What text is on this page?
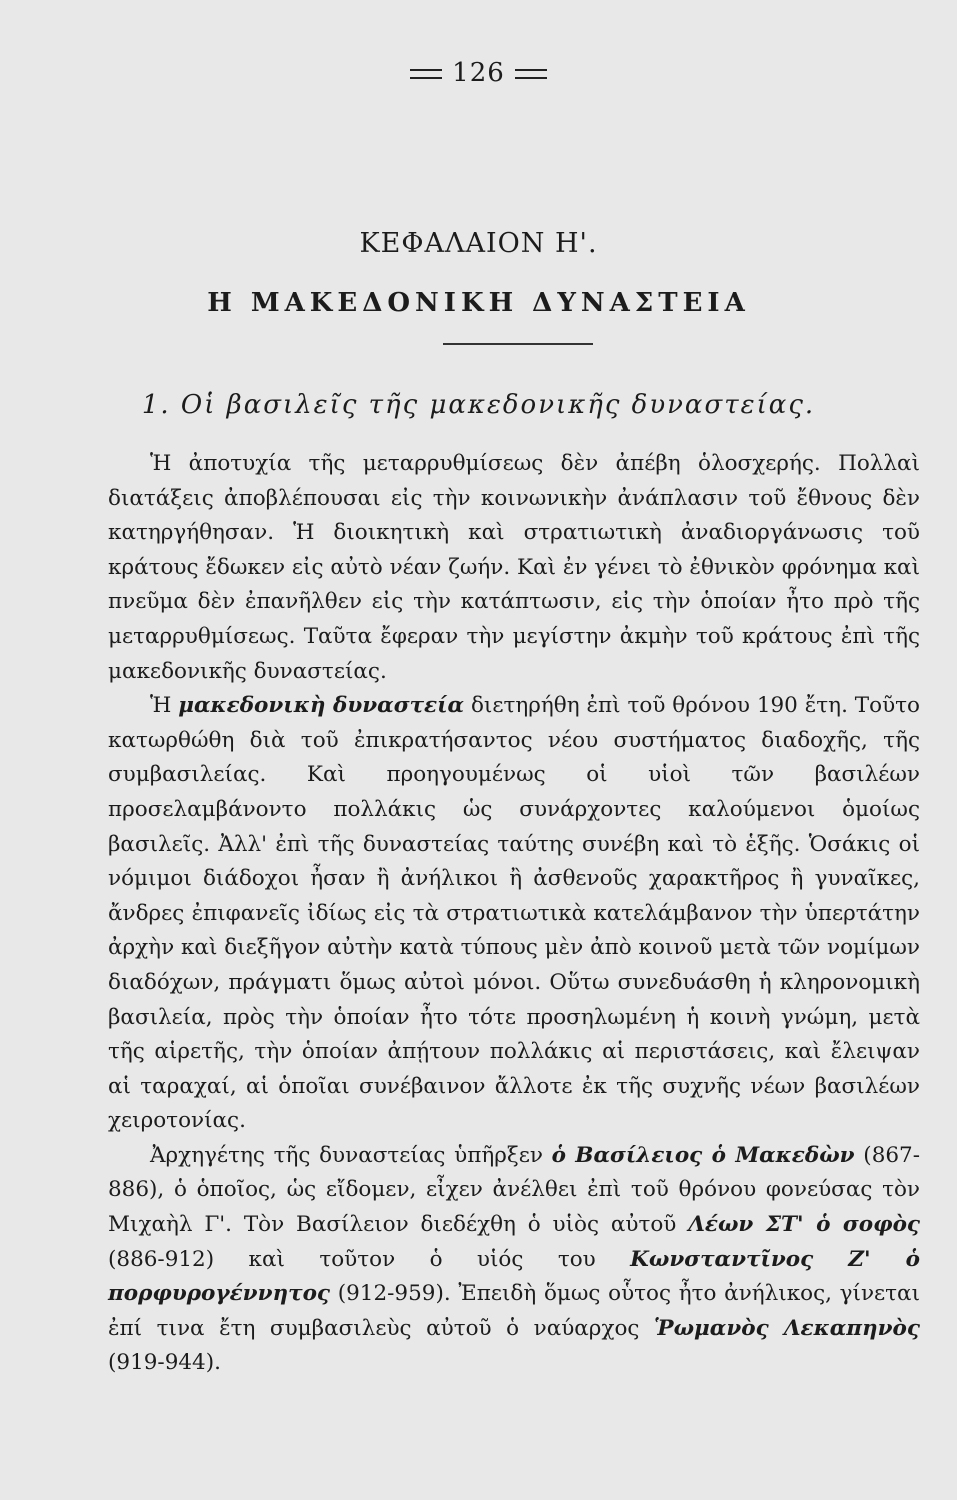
126
ΚΕΦΑΛΑΙΟΝ Η'.
Η ΜΑΚΕΔΟΝΙΚΗ ΔΥΝΑΣΤΕΙΑ
1. Οἱ βασιλεῖς τῆς μακεδονικῆς δυναστείας.

Ἡ ἀποτυχία τῆς μεταρρυθμίσεως δὲν ἀπέβη ὁλοσχερής. Πολλαὶ διατάξεις ἀποβλέπουσαι εἰς τὴν κοινωνικὴν ἀνάπλασιν τοῦ ἔθνους δὲν κατηργήθησαν. Ἡ διοικητικὴ καὶ στρατιωτικὴ ἀναδιοργάνωσις τοῦ κράτους ἔδωκεν εἰς αὐτὸ νέαν ζωήν. Καὶ ἐν γένει τὸ ἐθνικὸν φρόνημα καὶ πνεῦμα δὲν ἐπανῆλθεν εἰς τὴν κατάπτωσιν, εἰς τὴν ὁποίαν ἦτο πρὸ τῆς μεταρρυθμίσεως. Ταῦτα ἔφεραν τὴν μεγίστην ἀκμὴν τοῦ κράτους ἐπὶ τῆς μακεδονικῆς δυναστείας.

Ἡ μακεδονικὴ δυναστεία διετηρήθη ἐπὶ τοῦ θρόνου 190 ἔτη. Τοῦτο κατωρθώθη διὰ τοῦ ἐπικρατήσαντος νέου συστήματος διαδοχῆς, τῆς συμβασιλείας. Καὶ προηγουμένως οἱ υἱοὶ τῶν βασιλέων προσελαμβάνοντο πολλάκις ὡς συνάρχοντες καλούμενοι ὁμοίως βασιλεῖς. Ἀλλ' ἐπὶ τῆς δυναστείας ταύτης συνέβη καὶ τὸ ἑξῆς. Ὁσάκις οἱ νόμιμοι διάδοχοι ἦσαν ἢ ἀνήλικοι ἢ ἀσθενοῦς χαρακτῆρος ἢ γυναῖκες, ἄνδρες ἐπιφανεῖς ἰδίως εἰς τὰ στρατιωτικὰ κατελάμβανον τὴν ὑπερτάτην ἀρχὴν καὶ διεξῆγον αὐτὴν κατὰ τύπους μὲν ἀπὸ κοινοῦ μετὰ τῶν νομίμων διαδόχων, πράγματι ὅμως αὐτοὶ μόνοι. Οὕτω συνεδυάσθη ἡ κληρονομικὴ βασιλεία, πρὸς τὴν ὁποίαν ἦτο τότε προσηλωμένη ἡ κοινὴ γνώμη, μετὰ τῆς αἱρετῆς, τὴν ὁποίαν ἀπῄτουν πολλάκις αἱ περιστάσεις, καὶ ἔλειψαν αἱ ταραχαί, αἱ ὁποῖαι συνέβαινον ἄλλοτε ἐκ τῆς συχνῆς νέων βασιλέων χειροτονίας.

Ἀρχηγέτης τῆς δυναστείας ὑπῆρξεν ὁ Βασίλειος ὁ Μακεδὼν (867-886), ὁ ὁποῖος, ὡς εἴδομεν, εἶχεν ἀνέλθει ἐπὶ τοῦ θρόνου φονεύσας τὸν Μιχαὴλ Γ'. Τὸν Βασίλειον διεδέχθη ὁ υἱὸς αὐτοῦ Λέων ΣΤ' ὁ σοφὸς (886-912) καὶ τοῦτον ὁ υἱός του Κωνσταντῖνος Ζ' ὁ πορφυρογέννητος (912-959). Ἐπειδὴ ὅμως οὗτος ἦτο ἀνήλικος, γίνεται ἐπί τινα ἔτη συμβασιλεὺς αὐτοῦ ὁ ναύαρχος Ῥωμανὸς Λεκαπηνὸς (919-944).
